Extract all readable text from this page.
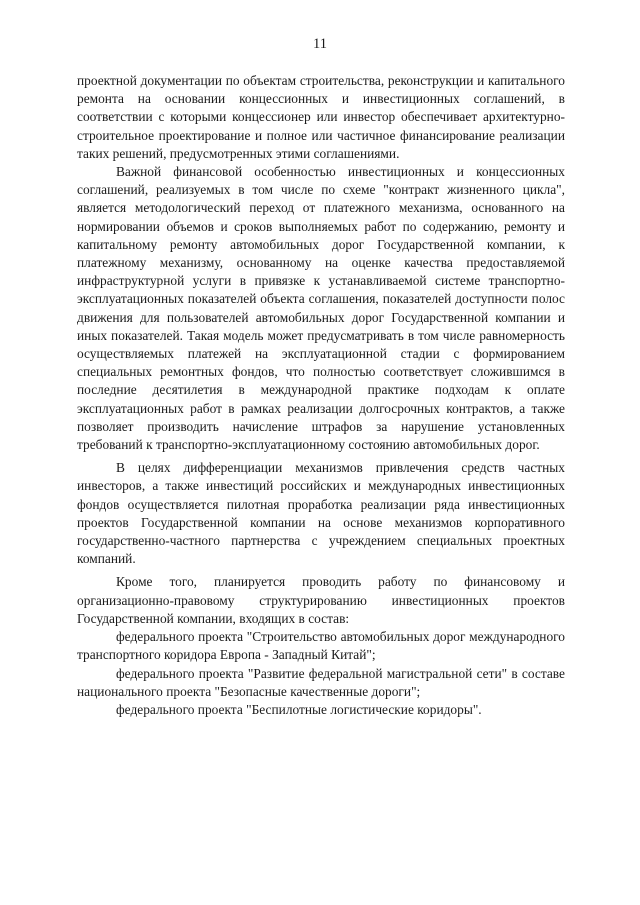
11

проектной документации по объектам строительства, реконструкции и капитального ремонта на основании концессионных и инвестиционных соглашений, в соответствии с которыми концессионер или инвестор обеспечивает архитектурно-строительное проектирование и полное или частичное финансирование реализации таких решений, предусмотренных этими соглашениями.

Важной финансовой особенностью инвестиционных и концессионных соглашений, реализуемых в том числе по схеме "контракт жизненного цикла", является методологический переход от платежного механизма, основанного на нормировании объемов и сроков выполняемых работ по содержанию, ремонту и капитальному ремонту автомобильных дорог Государственной компании, к платежному механизму, основанному на оценке качества предоставляемой инфраструктурной услуги в привязке к устанавливаемой системе транспортно-эксплуатационных показателей объекта соглашения, показателей доступности полос движения для пользователей автомобильных дорог Государственной компании и иных показателей. Такая модель может предусматривать в том числе равномерность осуществляемых платежей на эксплуатационной стадии с формированием специальных ремонтных фондов, что полностью соответствует сложившимся в последние десятилетия в международной практике подходам к оплате эксплуатационных работ в рамках реализации долгосрочных контрактов, а также позволяет производить начисление штрафов за нарушение установленных требований к транспортно-эксплуатационному состоянию автомобильных дорог.

В целях дифференциации механизмов привлечения средств частных инвесторов, а также инвестиций российских и международных инвестиционных фондов осуществляется пилотная проработка реализации ряда инвестиционных проектов Государственной компании на основе механизмов корпоративного государственно-частного партнерства с учреждением специальных проектных компаний.

Кроме того, планируется проводить работу по финансовому и организационно-правовому структурированию инвестиционных проектов Государственной компании, входящих в состав:

федерального проекта "Строительство автомобильных дорог международного транспортного коридора Европа - Западный Китай";

федерального проекта "Развитие федеральной магистральной сети" в составе национального проекта "Безопасные качественные дороги";

федерального проекта "Беспилотные логистические коридоры".
